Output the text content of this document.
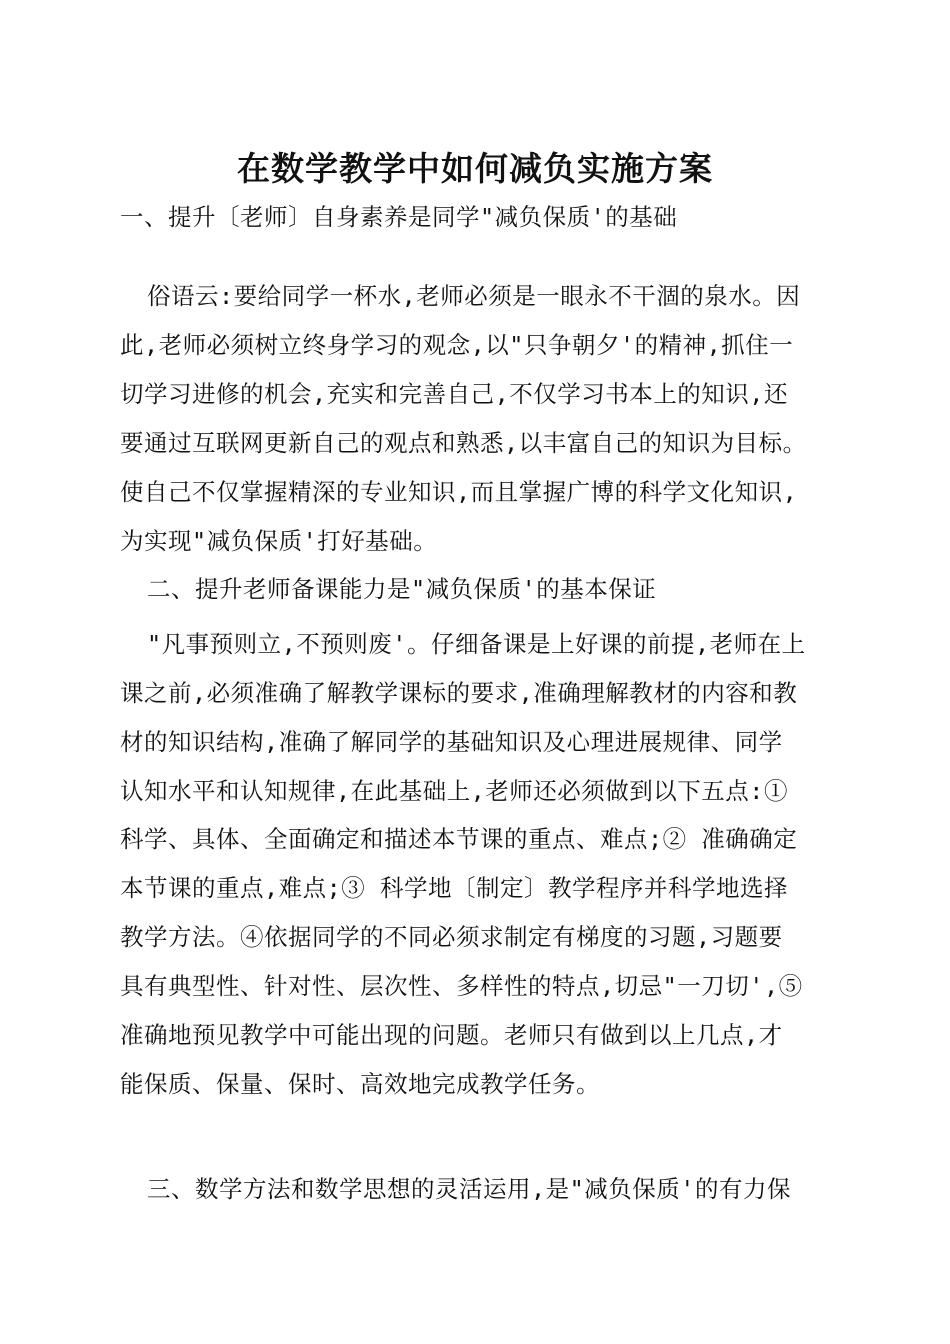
在数学教学中如何减负实施方案
一、提升〔老师〕自身素养是同学"减负保质'的基础
俗语云:要给同学一杯水,老师必须是一眼永不干涸的泉水。因
此,老师必须树立终身学习的观念,以"只争朝夕'的精神,抓住一
切学习进修的机会,充实和完善自己,不仅学习书本上的知识,还
要通过互联网更新自己的观点和熟悉,以丰富自己的知识为目标。
使自己不仅掌握精深的专业知识,而且掌握广博的科学文化知识,
为实现"减负保质'打好基础。
二、提升老师备课能力是"减负保质'的基本保证
"凡事预则立,不预则废'。仔细备课是上好课的前提,老师在上
课之前,必须准确了解教学课标的要求,准确理解教材的内容和教
材的知识结构,准确了解同学的基础知识及心理进展规律、同学
认知水平和认知规律,在此基础上,老师还必须做到以下五点:①
科学、具体、全面确定和描述本节课的重点、难点;② 准确确定
本节课的重点,难点;③ 科学地〔制定〕教学程序并科学地选择
教学方法。④依据同学的不同必须求制定有梯度的习题,习题要
具有典型性、针对性、层次性、多样性的特点,切忌"一刀切',⑤
准确地预见教学中可能出现的问题。老师只有做到以上几点,才
能保质、保量、保时、高效地完成教学任务。
三、数学方法和数学思想的灵活运用,是"减负保质'的有力保
